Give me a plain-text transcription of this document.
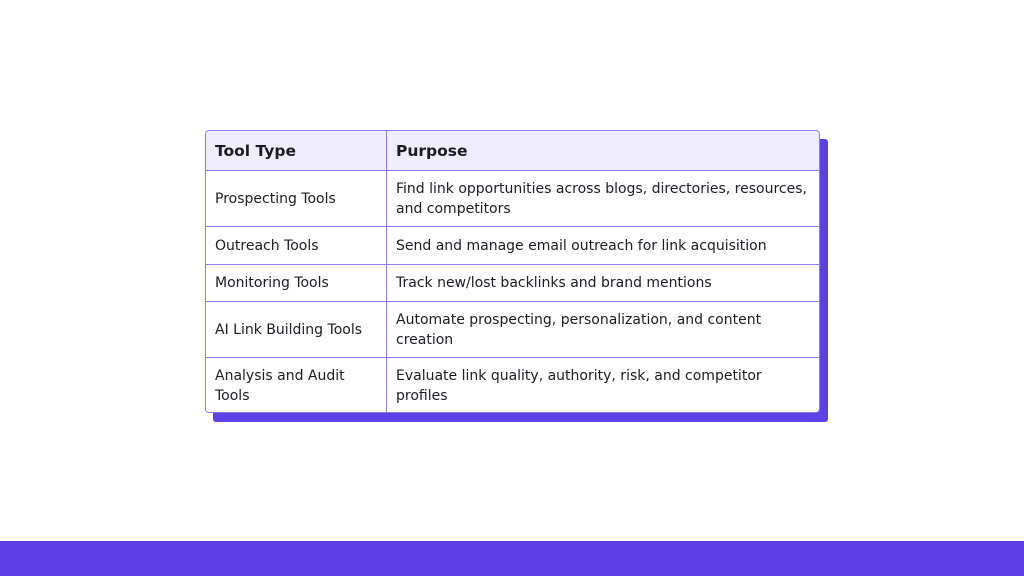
Tool Type	Purpose
Prospecting Tools	Find link opportunities across blogs, directories, resources, and competitors
Outreach Tools	Send and manage email outreach for link acquisition
Monitoring Tools	Track new/lost backlinks and brand mentions
AI Link Building Tools	Automate prospecting, personalization, and content creation
Analysis and Audit Tools	Evaluate link quality, authority, risk, and competitor profiles
